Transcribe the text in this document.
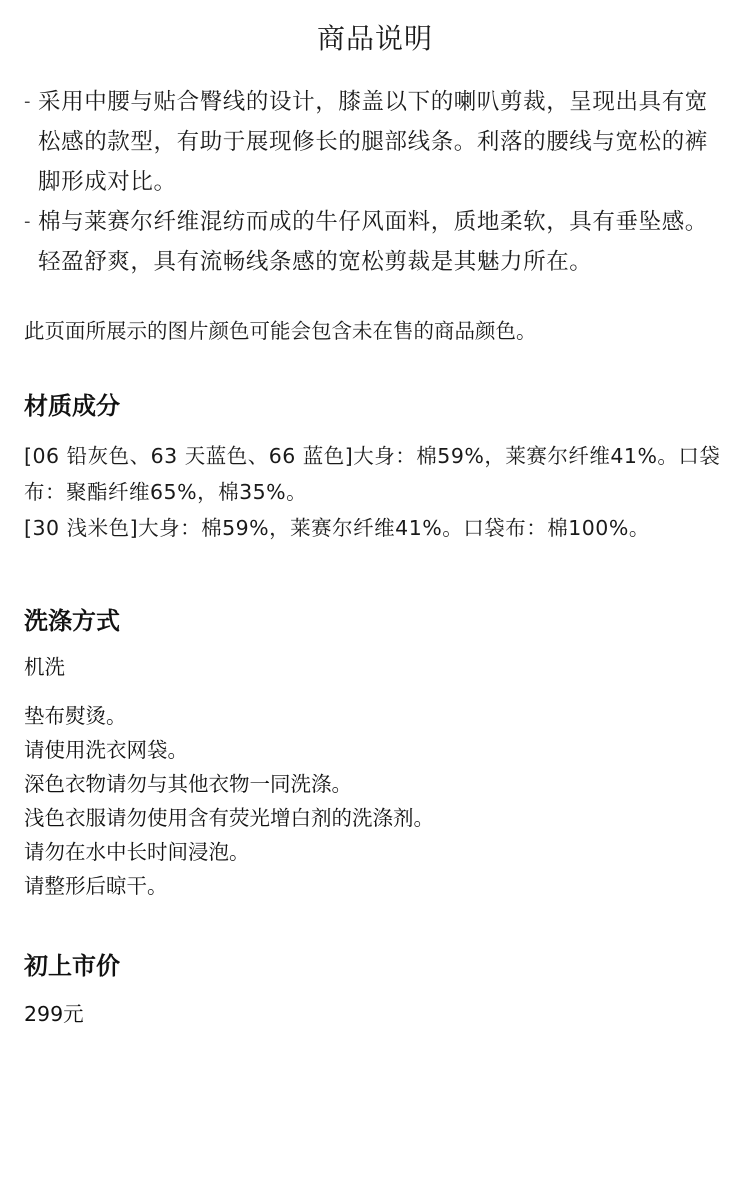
商品说明
- 采用中腰与贴合臀线的设计，膝盖以下的喇叭剪裁，呈现出具有宽松感的款型，有助于展现修长的腿部线条。利落的腰线与宽松的裤脚形成对比。
- 棉与莱赛尔纤维混纺而成的牛仔风面料，质地柔软，具有垂坠感。轻盈舒爽，具有流畅线条感的宽松剪裁是其魅力所在。
此页面所展示的图片颜色可能会包含未在售的商品颜色。
材质成分
[06 铅灰色、63 天蓝色、66 蓝色]大身：棉59%，莱赛尔纤维41%。口袋布：聚酯纤维65%，棉35%。
[30 浅米色]大身：棉59%，莱赛尔纤维41%。口袋布：棉100%。
洗涤方式
机洗
垫布熨烫。
请使用洗衣网袋。
深色衣物请勿与其他衣物一同洗涤。
浅色衣服请勿使用含有荧光增白剂的洗涤剂。
请勿在水中长时间浸泡。
请整形后晾干。
初上市价
299元
